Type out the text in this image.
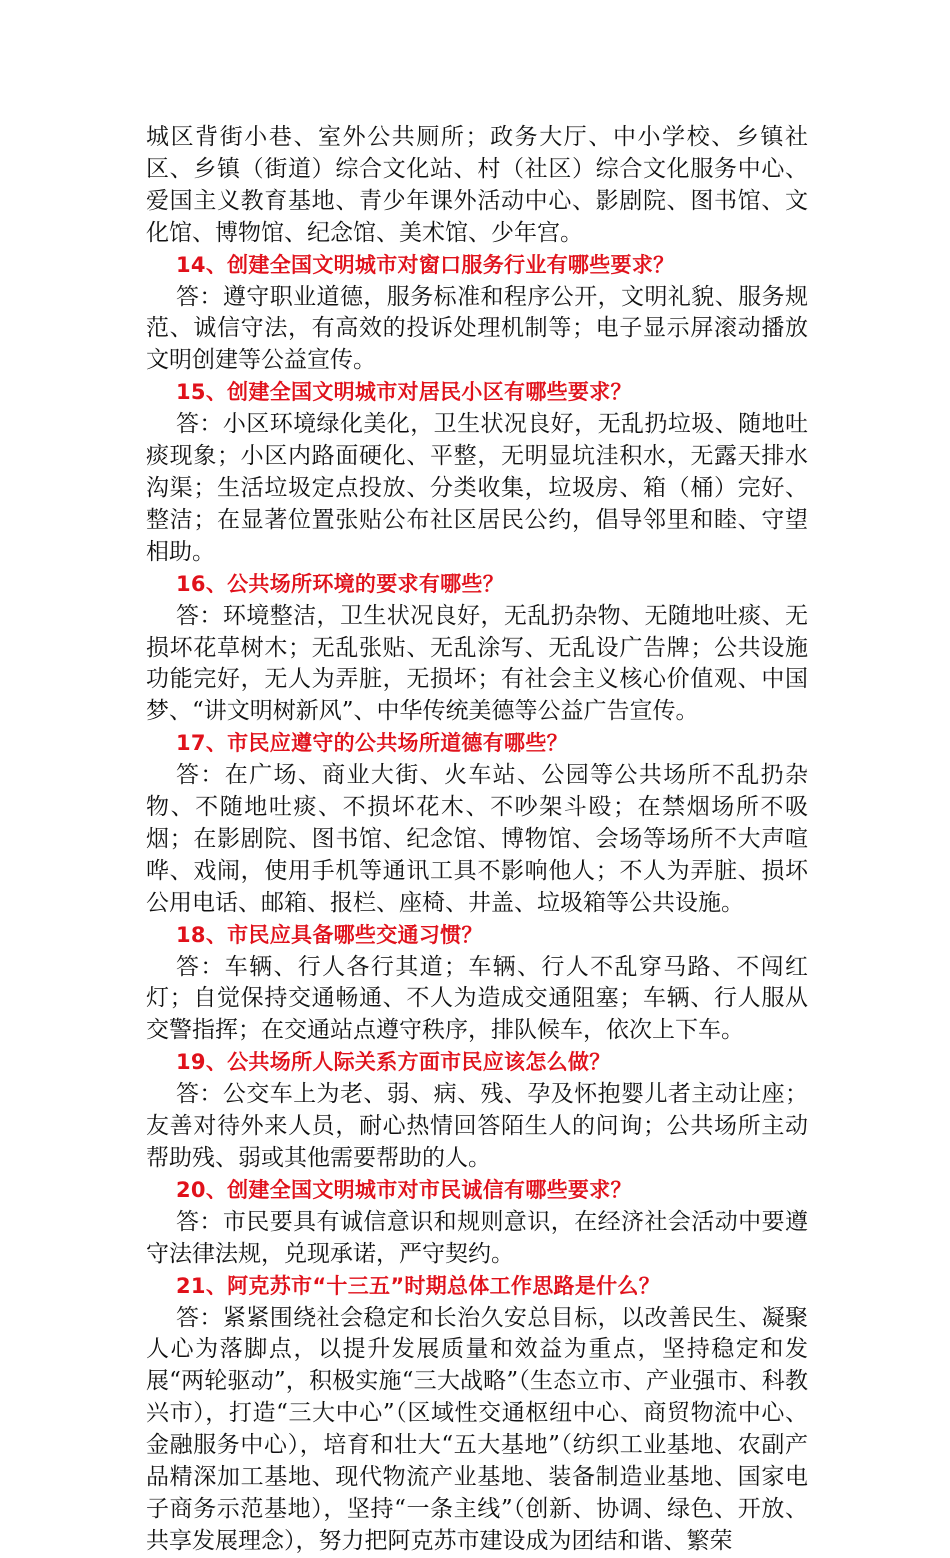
城区背街小巷、室外公共厕所；政务大厅、中小学校、乡镇社区、乡镇（街道）综合文化站、村（社区）综合文化服务中心、爱国主义教育基地、青少年课外活动中心、影剧院、图书馆、文化馆、博物馆、纪念馆、美术馆、少年宫。

14、创建全国文明城市对窗口服务行业有哪些要求？

答：遵守职业道德，服务标准和程序公开，文明礼貌、服务规范、诚信守法，有高效的投诉处理机制等；电子显示屏滚动播放文明创建等公益宣传。

15、创建全国文明城市对居民小区有哪些要求？

答：小区环境绿化美化，卫生状况良好，无乱扔垃圾、随地吐痰现象；小区内路面硬化、平整，无明显坑洼积水，无露天排水沟渠；生活垃圾定点投放、分类收集，垃圾房、箱（桶）完好、整洁；在显著位置张贴公布社区居民公约，倡导邻里和睦、守望相助。

16、公共场所环境的要求有哪些？

答：环境整洁，卫生状况良好，无乱扔杂物、无随地吐痰、无损坏花草树木；无乱张贴、无乱涂写、无乱设广告牌；公共设施功能完好，无人为弄脏，无损坏；有社会主义核心价值观、中国梦、“讲文明树新风”、中华传统美德等公益广告宣传。

17、市民应遵守的公共场所道德有哪些？

答：在广场、商业大街、火车站、公园等公共场所不乱扔杂物、不随地吐痰、不损坏花木、不吵架斗殴；在禁烟场所不吸烟；在影剧院、图书馆、纪念馆、博物馆、会场等场所不大声喧哗、戏闹，使用手机等通讯工具不影响他人；不人为弄脏、损坏公用电话、邮箱、报栏、座椅、井盖、垃圾箱等公共设施。

18、市民应具备哪些交通习惯？

答：车辆、行人各行其道；车辆、行人不乱穿马路、不闯红灯；自觉保持交通畅通、不人为造成交通阻塞；车辆、行人服从交警指挥；在交通站点遵守秩序，排队候车，依次上下车。

19、公共场所人际关系方面市民应该怎么做？

答：公交车上为老、弱、病、残、孕及怀抱婴儿者主动让座；友善对待外来人员，耐心热情回答陌生人的问询；公共场所主动帮助残、弱或其他需要帮助的人。

20、创建全国文明城市对市民诚信有哪些要求？

答：市民要具有诚信意识和规则意识，在经济社会活动中要遵守法律法规，兑现承诺，严守契约。

21、阿克苏市“十三五”时期总体工作思路是什么？

答：紧紧围绕社会稳定和长治久安总目标，以改善民生、凝聚人心为落脚点，以提升发展质量和效益为重点，坚持稳定和发展“两轮驱动”，积极实施“三大战略”（生态立市、产业强市、科教兴市），打造“三大中心”（区域性交通枢纽中心、商贸物流中心、金融服务中心），培育和壮大“五大基地”（纺织工业基地、农副产品精深加工基地、现代物流产业基地、装备制造业基地、国家电子商务示范基地），坚持“一条主线”（创新、协调、绿色、开放、共享发展理念），努力把阿克苏市建设成为团结和谐、繁荣
